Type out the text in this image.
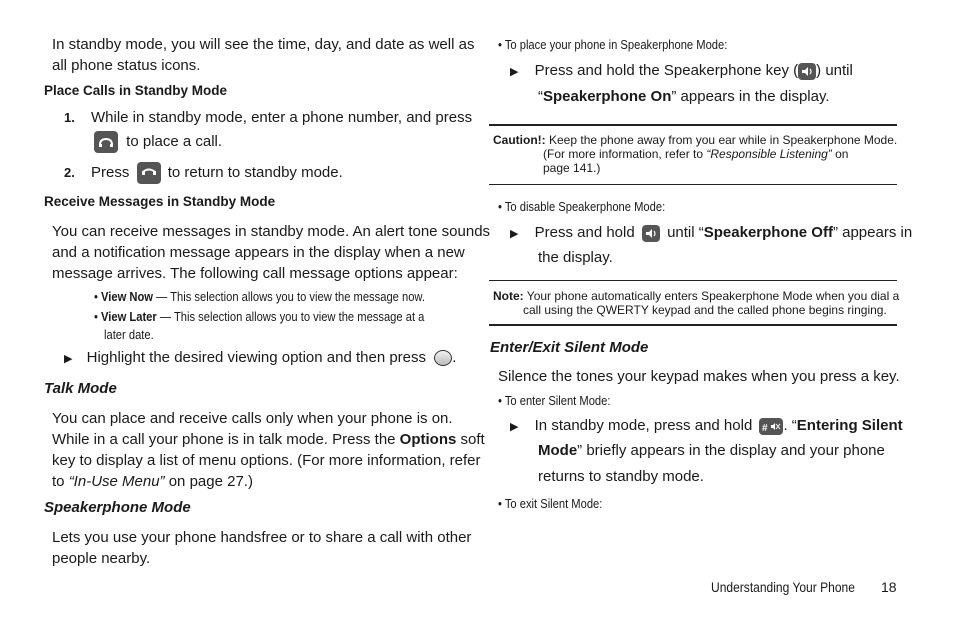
In standby mode, you will see the time, day, and date as well as
all phone status icons.
Place Calls in Standby Mode
1. While in standby mode, enter a phone number, and press
to place a call.
2. Press	to return to standby mode.
Receive Messages in Standby Mode
You can receive messages in standby mode. An alert tone sounds
and a notification message appears in the display when a new
message arrives. The following call message options appear:
• View Now — This selection allows you to view the message now.
• View Later — This selection allows you to view the message at a
later date.
▶ Highlight the desired viewing option and then press .
Talk Mode
You can place and receive calls only when your phone is on.
While in a call your phone is in talk mode. Press the Options soft
key to display a list of menu options. (For more information, refer
to “In-Use Menu” on page 27.)
Speakerphone Mode
Lets you use your phone handsfree or to share a call with other
people nearby.
• To place your phone in Speakerphone Mode:
▶ Press and hold the Speakerphone key ( ) until
“Speakerphone On” appears in the display.
Caution!: Keep the phone away from you ear while in Speakerphone Mode.
(For more information, refer to “Responsible Listening” on
page 141.)
• To disable Speakerphone Mode:
▶ Press and hold until “Speakerphone Off” appears in
the display.
Note: Your phone automatically enters Speakerphone Mode when you dial a
call using the QWERTY keypad and the called phone begins ringing.
Enter/Exit Silent Mode
Silence the tones your keypad makes when you press a key.
• To enter Silent Mode:
▶ In standby mode, press and hold # . “Entering Silent
Mode” briefly appears in the display and your phone
returns to standby mode.
• To exit Silent Mode:
Understanding Your Phone 18
